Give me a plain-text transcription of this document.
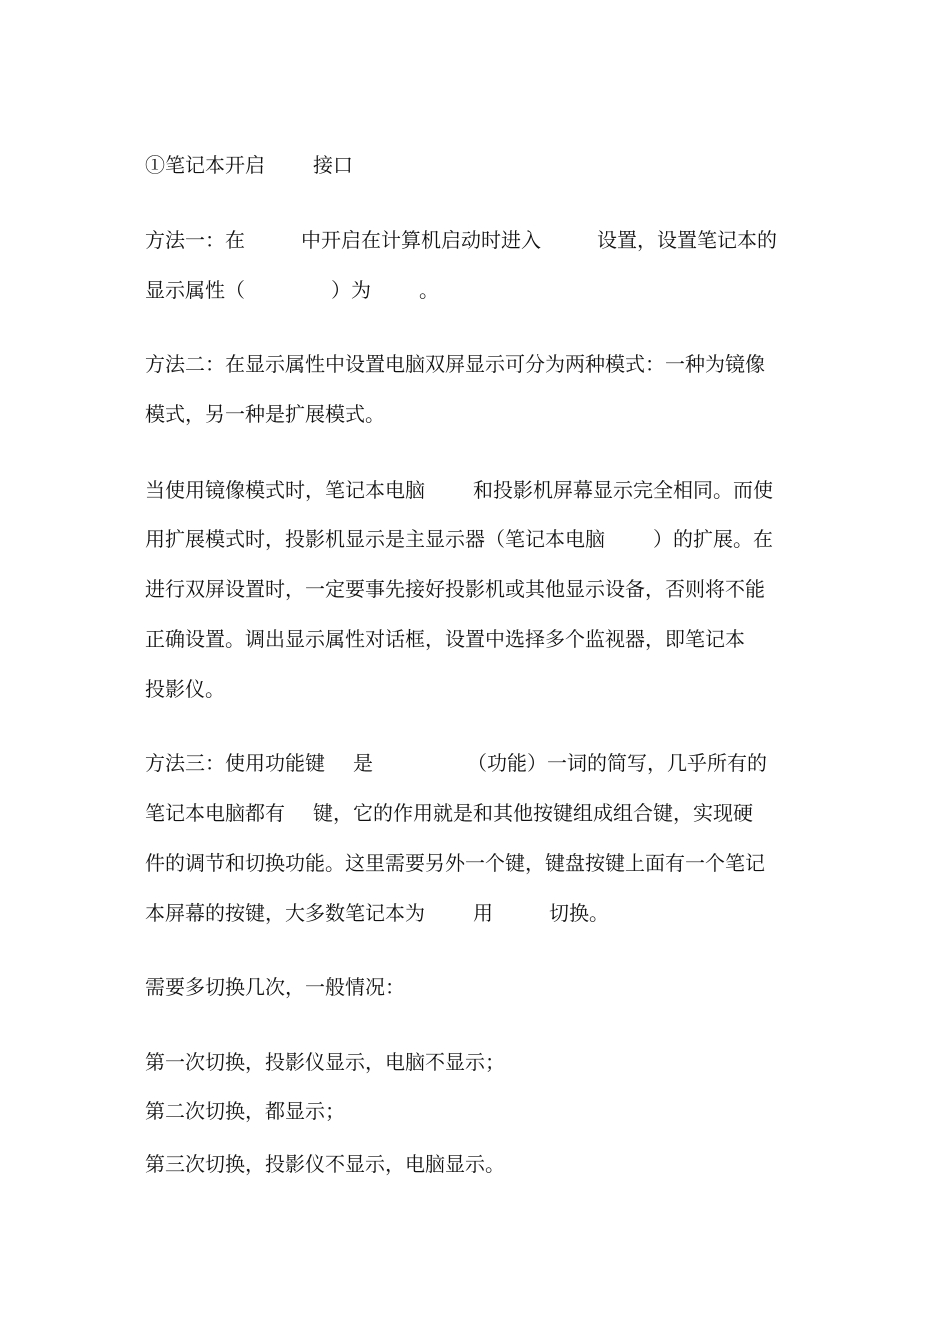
①笔记本开启 接口

方法一：在	中开启在计算机启动时进入	设置，设置笔记本的

显示属性（	）为 。

方法二：在显示属性中设置电脑双屏显示可分为两种模式：一种为镜像

模式，另一种是扩展模式。

当使用镜像模式时，笔记本电脑 和投影机屏幕显示完全相同。而使

用扩展模式时，投影机显示是主显示器（笔记本电脑 ）的扩展。在

进行双屏设置时，一定要事先接好投影机或其他显示设备，否则将不能

正确设置。调出显示属性对话框，设置中选择多个监视器，即笔记本

投影仪。

方法三：使用功能键 是	（功能）一词的简写，几乎所有的

笔记本电脑都有 键，它的作用就是和其他按键组成组合键，实现硬

件的调节和切换功能。这里需要另外一个键，键盘按键上面有一个笔记

本屏幕的按键，大多数笔记本为 用	切换。

需要多切换几次，一般情况：

第一次切换，投影仪显示，电脑不显示；

第二次切换，都显示；

第三次切换，投影仪不显示，电脑显示。
